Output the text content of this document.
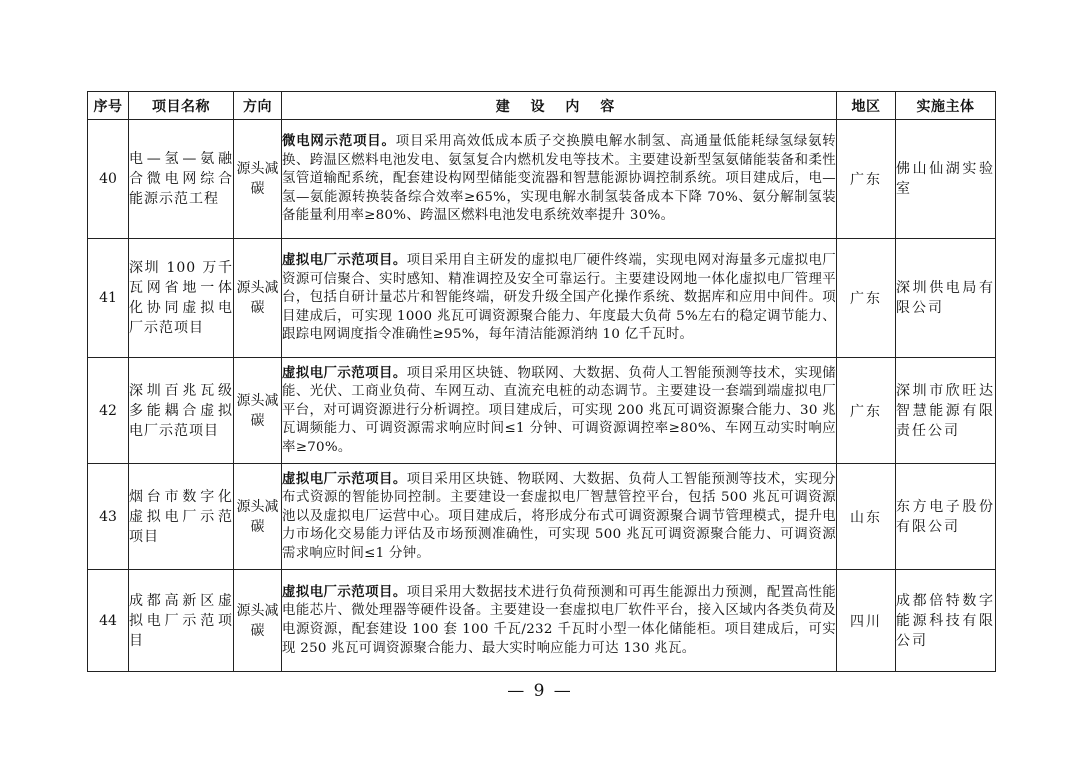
序号	项目名称	方向	建 设 内 容	地区	实施主体
40	电—氢—氨融合微电网综合能源示范工程	源头减碳	微电网示范项目。项目采用高效低成本质子交换膜电解水制氢、高通量低能耗绿氢绿氨转换、跨温区燃料电池发电、氨氢复合内燃机发电等技术。主要建设新型氢氨储能装备和柔性氢管道输配系统，配套建设构网型储能变流器和智慧能源协调控制系统。项目建成后，电—氢—氨能源转换装备综合效率≥65%，实现电解水制氢装备成本下降 70%、氨分解制氢装备能量利用率≥80%、跨温区燃料电池发电系统效率提升 30%。	广东	佛山仙湖实验室
41	深圳 100 万千瓦网省地一体化协同虚拟电厂示范项目	源头减碳	虚拟电厂示范项目。项目采用自主研发的虚拟电厂硬件终端，实现电网对海量多元虚拟电厂资源可信聚合、实时感知、精准调控及安全可靠运行。主要建设网地一体化虚拟电厂管理平台，包括自研计量芯片和智能终端，研发升级全国产化操作系统、数据库和应用中间件。项目建成后，可实现 1000 兆瓦可调资源聚合能力、年度最大负荷 5%左右的稳定调节能力、跟踪电网调度指令准确性≥95%，每年清洁能源消纳 10 亿千瓦时。	广东	深圳供电局有限公司
42	深圳百兆瓦级多能耦合虚拟电厂示范项目	源头减碳	虚拟电厂示范项目。项目采用区块链、物联网、大数据、负荷人工智能预测等技术，实现储能、光伏、工商业负荷、车网互动、直流充电桩的动态调节。主要建设一套端到端虚拟电厂平台，对可调资源进行分析调控。项目建成后，可实现 200 兆瓦可调资源聚合能力、30 兆瓦调频能力、可调资源需求响应时间≤1 分钟、可调资源调控率≥80%、车网互动实时响应率≥70%。	广东	深圳市欣旺达智慧能源有限责任公司
43	烟台市数字化虚拟电厂示范项目	源头减碳	虚拟电厂示范项目。项目采用区块链、物联网、大数据、负荷人工智能预测等技术，实现分布式资源的智能协同控制。主要建设一套虚拟电厂智慧管控平台，包括 500 兆瓦可调资源池以及虚拟电厂运营中心。项目建成后，将形成分布式可调资源聚合调节管理模式，提升电力市场化交易能力评估及市场预测准确性，可实现 500 兆瓦可调资源聚合能力、可调资源需求响应时间≤1 分钟。	山东	东方电子股份有限公司
44	成都高新区虚拟电厂示范项目	源头减碳	虚拟电厂示范项目。项目采用大数据技术进行负荷预测和可再生能源出力预测，配置高性能电能芯片、微处理器等硬件设备。主要建设一套虚拟电厂软件平台，接入区域内各类负荷及电源资源，配套建设 100 套 100 千瓦/232 千瓦时小型一体化储能柜。项目建成后，可实现 250 兆瓦可调资源聚合能力、最大实时响应能力可达 130 兆瓦。	四川	成都倍特数字能源科技有限公司
— 9 —
